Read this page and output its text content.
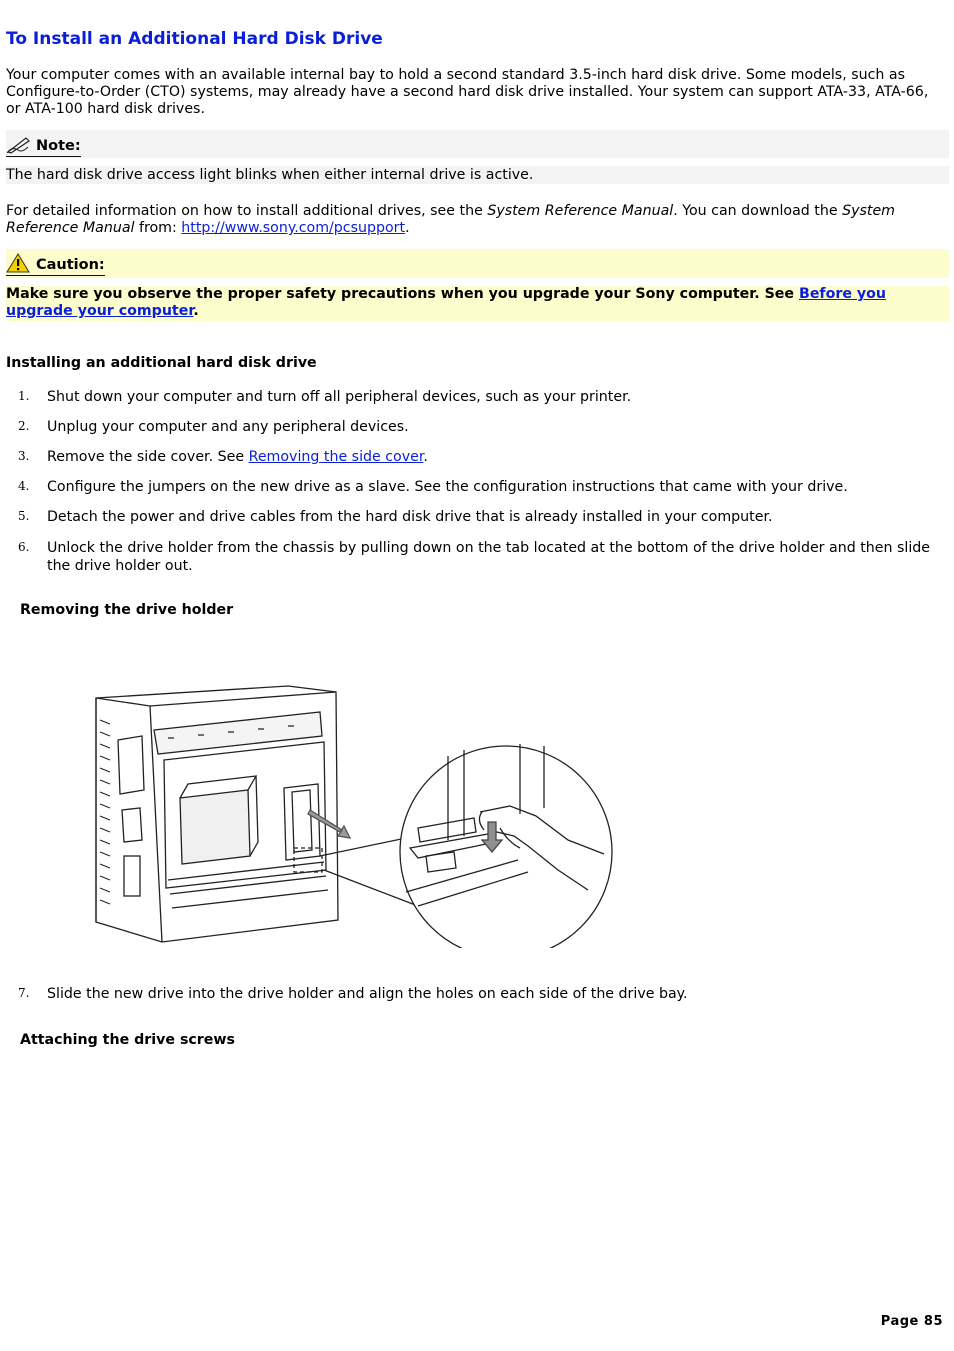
To Install an Additional Hard Disk Drive
Your computer comes with an available internal bay to hold a second standard 3.5-inch hard disk drive. Some models, such as Configure-to-Order (CTO) systems, may already have a second hard disk drive installed. Your system can support ATA-33, ATA-66, or ATA-100 hard disk drives.
Note:
The hard disk drive access light blinks when either internal drive is active.
For detailed information on how to install additional drives, see the System Reference Manual. You can download the System Reference Manual from: http://www.sony.com/pcsupport.
Caution:
Make sure you observe the proper safety precautions when you upgrade your Sony computer. See Before you upgrade your computer.
Installing an additional hard disk drive
1.	Shut down your computer and turn off all peripheral devices, such as your printer.
2.	Unplug your computer and any peripheral devices.
3.	Remove the side cover. See Removing the side cover.
4.	Configure the jumpers on the new drive as a slave. See the configuration instructions that came with your drive.
5.	Detach the power and drive cables from the hard disk drive that is already installed in your computer.
6.	Unlock the drive holder from the chassis by pulling down on the tab located at the bottom of the drive holder and then slide the drive holder out.
Removing the drive holder
7.	Slide the new drive into the drive holder and align the holes on each side of the drive bay.
Attaching the drive screws
Page 85
